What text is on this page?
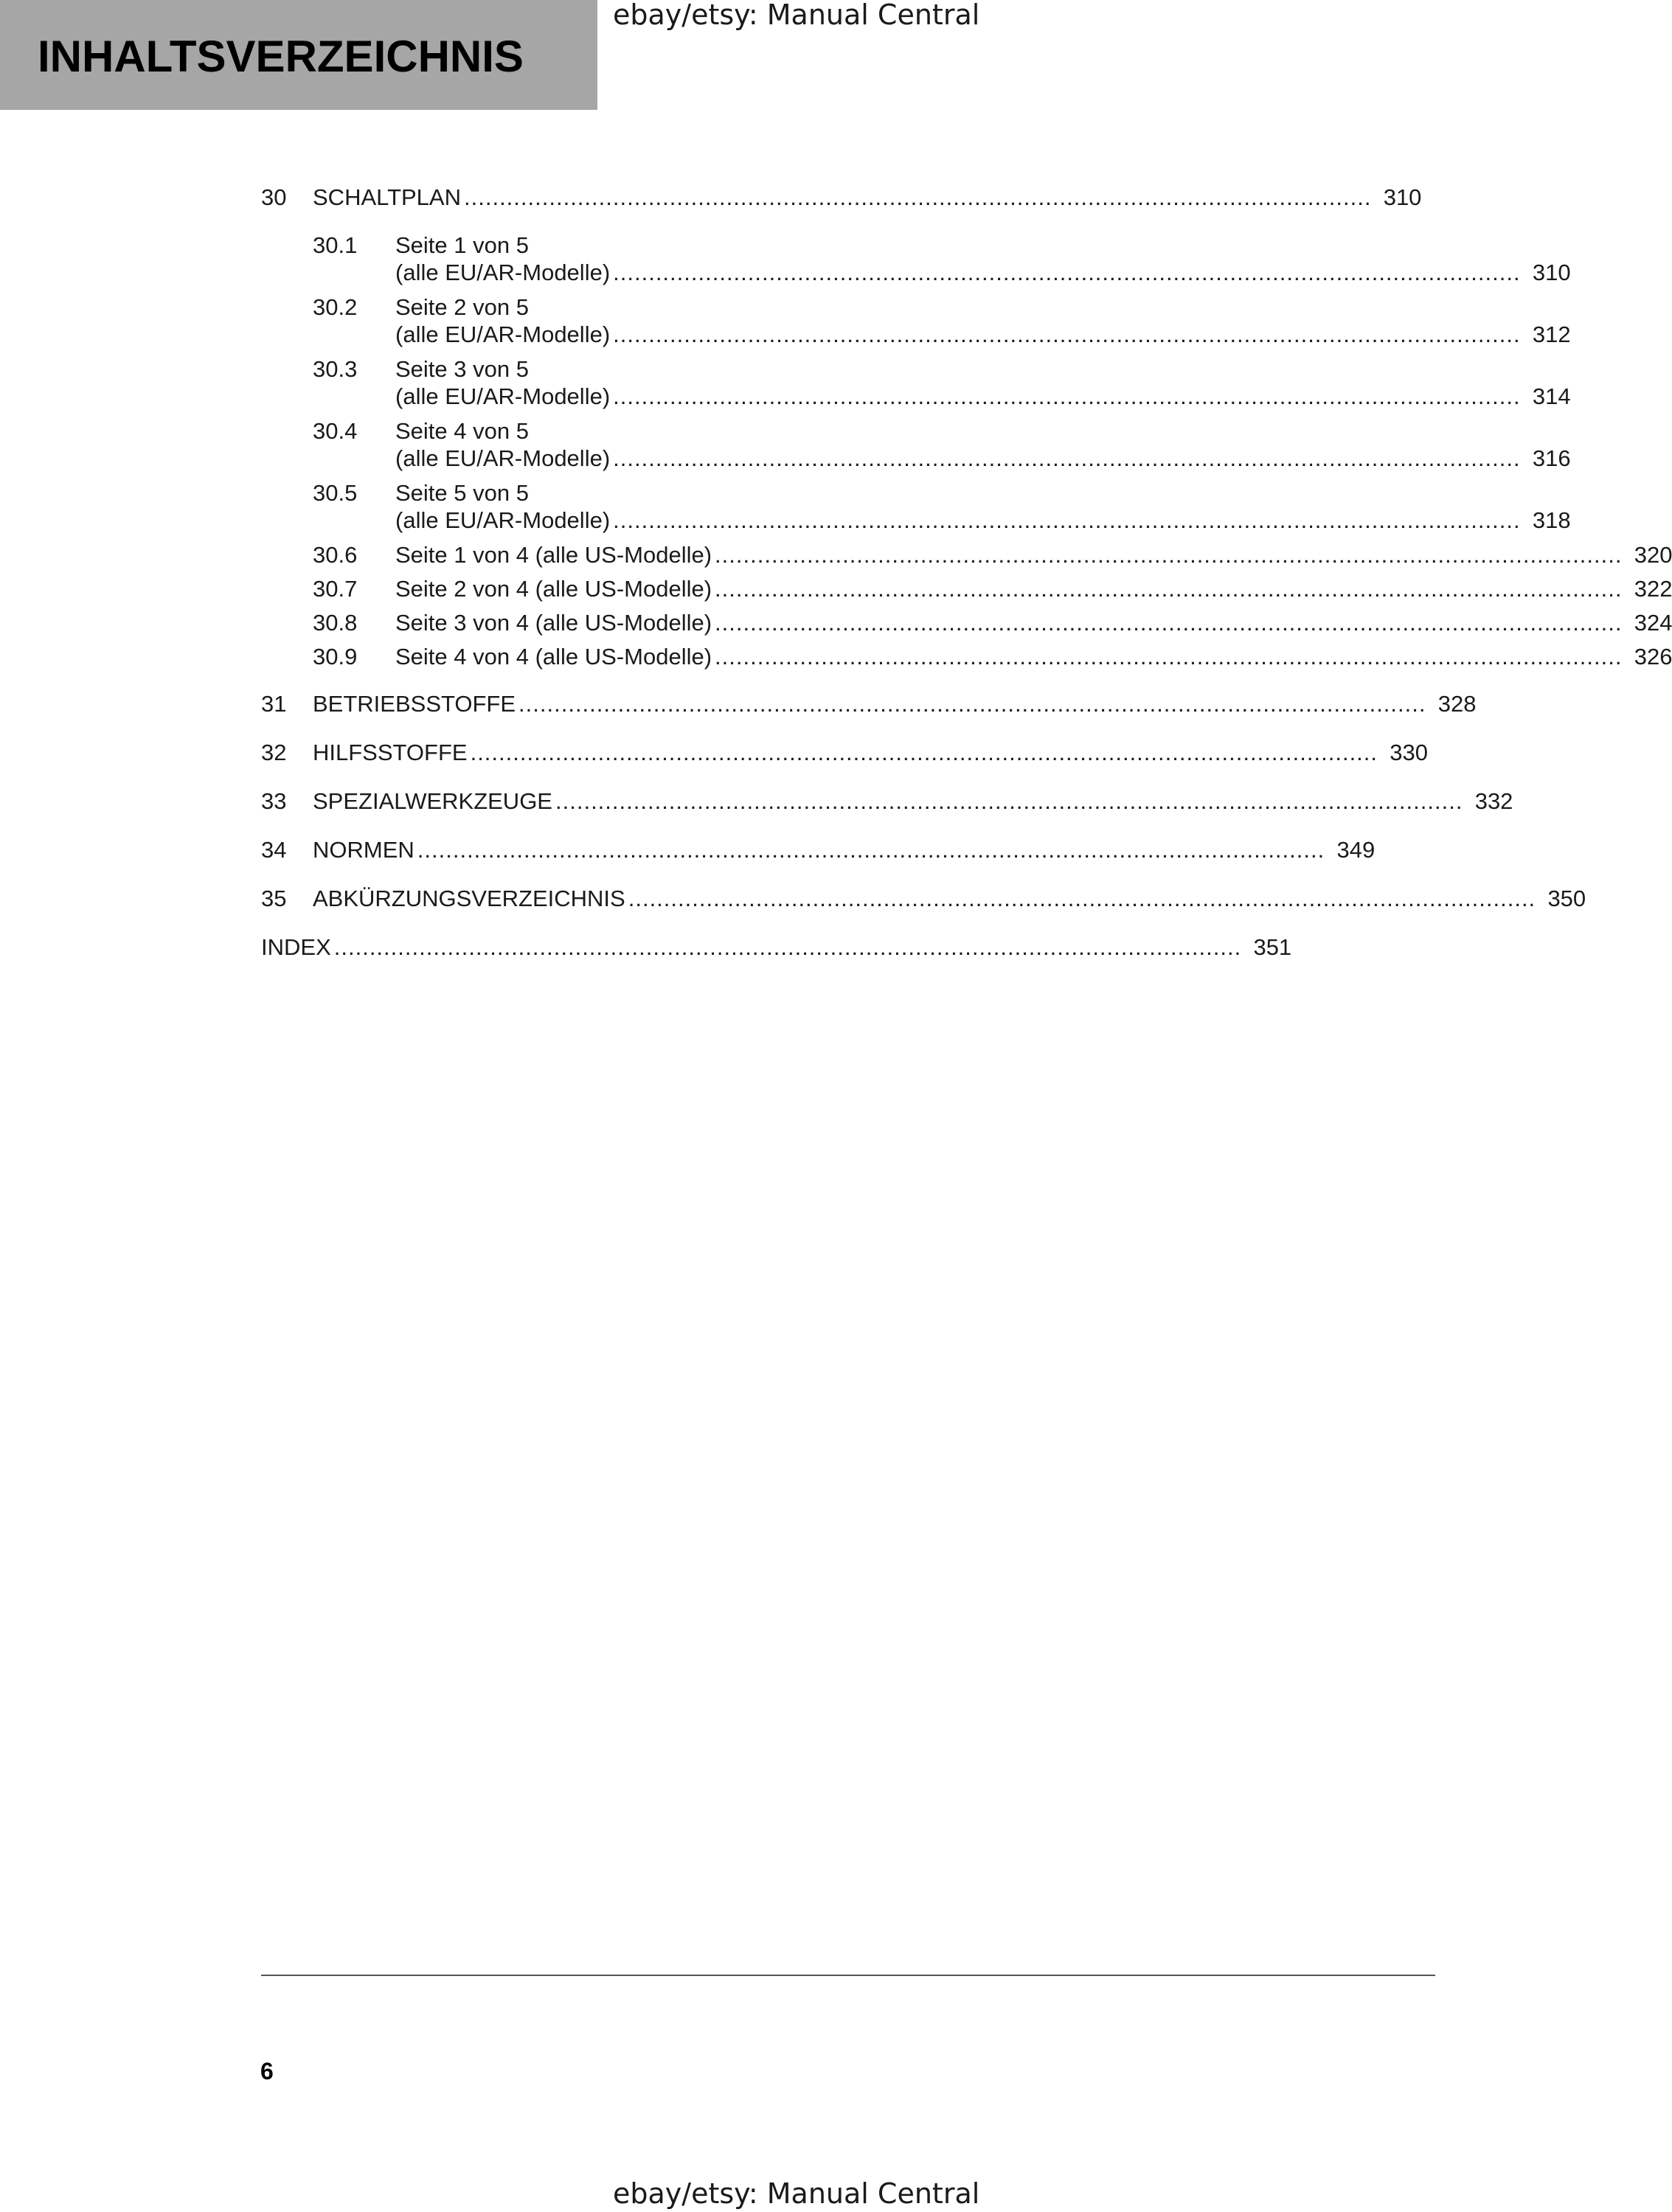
INHALTSVERZEICHNIS
ebay/etsy: Manual Central
30 SCHALTPLAN ................................................................................................................................ 310
30.1 Seite 1 von 5
(alle EU/AR-Modelle) ................................................................................................................................ 310
30.2 Seite 2 von 5
(alle EU/AR-Modelle) ................................................................................................................................ 312
30.3 Seite 3 von 5
(alle EU/AR-Modelle) ................................................................................................................................ 314
30.4 Seite 4 von 5
(alle EU/AR-Modelle) ................................................................................................................................ 316
30.5 Seite 5 von 5
(alle EU/AR-Modelle) ................................................................................................................................ 318
30.6 Seite 1 von 4 (alle US-Modelle) ................................................................................................................................ 320
30.7 Seite 2 von 4 (alle US-Modelle) ................................................................................................................................ 322
30.8 Seite 3 von 4 (alle US-Modelle) ................................................................................................................................ 324
30.9 Seite 4 von 4 (alle US-Modelle) ................................................................................................................................ 326
31 BETRIEBSSTOFFE ................................................................................................................................ 328
32 HILFSSTOFFE ................................................................................................................................ 330
33 SPEZIALWERKZEUGE ................................................................................................................................ 332
34 NORMEN ................................................................................................................................ 349
35 ABKÜRZUNGSVERZEICHNIS ................................................................................................................................ 350
INDEX ................................................................................................................................ 351
6
ebay/etsy: Manual Central
